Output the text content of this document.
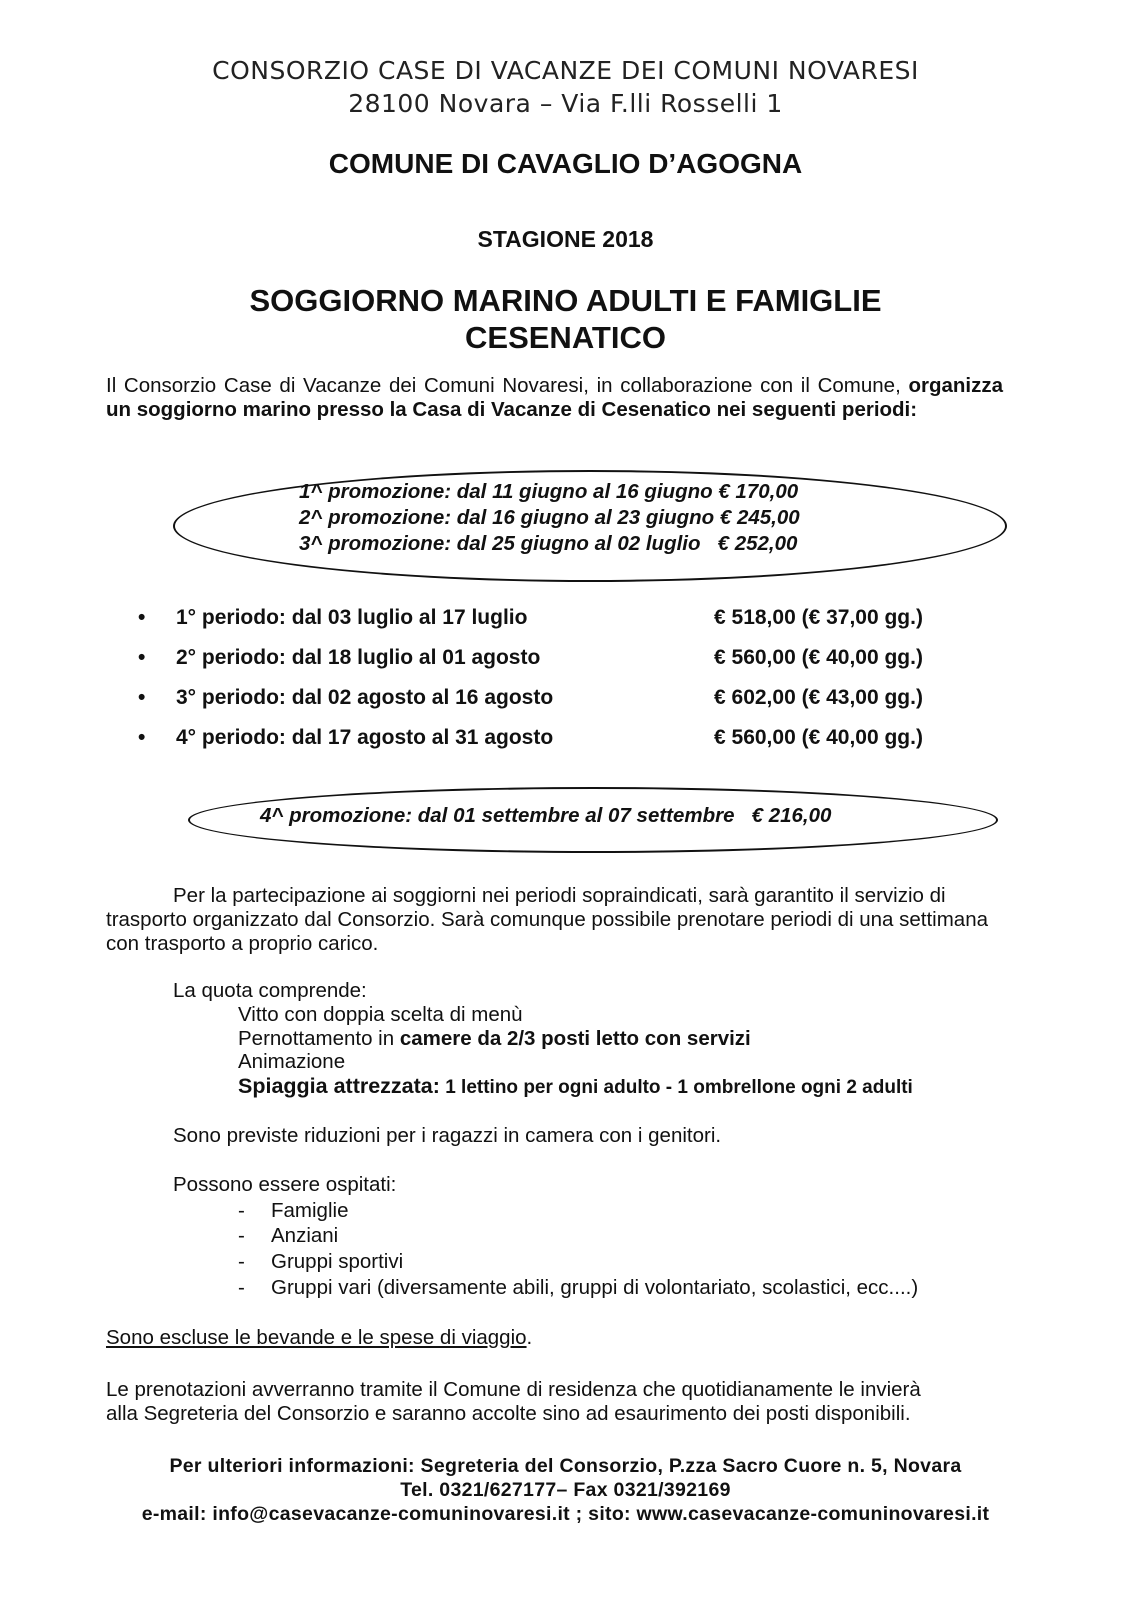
CONSORZIO CASE DI VACANZE DEI COMUNI NOVARESI
28100 Novara – Via F.lli Rosselli 1
COMUNE DI CAVAGLIO D’AGOGNA
STAGIONE 2018
SOGGIORNO MARINO ADULTI E FAMIGLIE
CESENATICO
Il Consorzio Case di Vacanze dei Comuni Novaresi, in collaborazione con il Comune, organizza un soggiorno marino presso la Casa di Vacanze di Cesenatico nei seguenti periodi:
1^ promozione: dal 11 giugno al 16 giugno € 170,00
2^ promozione: dal 16 giugno al 23 giugno € 245,00
3^ promozione: dal 25 giugno al 02 luglio   € 252,00
• 1° periodo: dal 03 luglio al 17 luglio	€ 518,00 (€ 37,00 gg.)
• 2° periodo: dal 18 luglio al 01 agosto	€ 560,00 (€ 40,00 gg.)
• 3° periodo: dal 02 agosto al 16 agosto	€ 602,00 (€ 43,00 gg.)
• 4° periodo: dal 17 agosto al 31 agosto	€ 560,00 (€ 40,00 gg.)
4^ promozione: dal 01 settembre al 07 settembre   € 216,00
Per la partecipazione ai soggiorni nei periodi sopraindicati, sarà garantito il servizio di
trasporto organizzato dal Consorzio. Sarà comunque possibile prenotare periodi di una settimana
con trasporto a proprio carico.
La quota comprende:
Vitto con doppia scelta di menù
Pernottamento in camere da 2/3 posti letto con servizi
Animazione
Spiaggia attrezzata: 1 lettino per ogni adulto - 1 ombrellone ogni 2 adulti
Sono previste riduzioni per i ragazzi in camera con i genitori.
Possono essere ospitati:
- Famiglie
- Anziani
- Gruppi sportivi
- Gruppi vari (diversamente abili, gruppi di volontariato, scolastici, ecc....)
Sono escluse le bevande e le spese di viaggio.
Le prenotazioni avverranno tramite il Comune di residenza che quotidianamente le invierà
alla Segreteria del Consorzio e saranno accolte sino ad esaurimento dei posti disponibili.
Per ulteriori informazioni: Segreteria del Consorzio, P.zza Sacro Cuore n. 5, Novara
Tel. 0321/627177– Fax 0321/392169
e-mail: info@casevacanze-comuninovaresi.it ; sito: www.casevacanze-comuninovaresi.it
